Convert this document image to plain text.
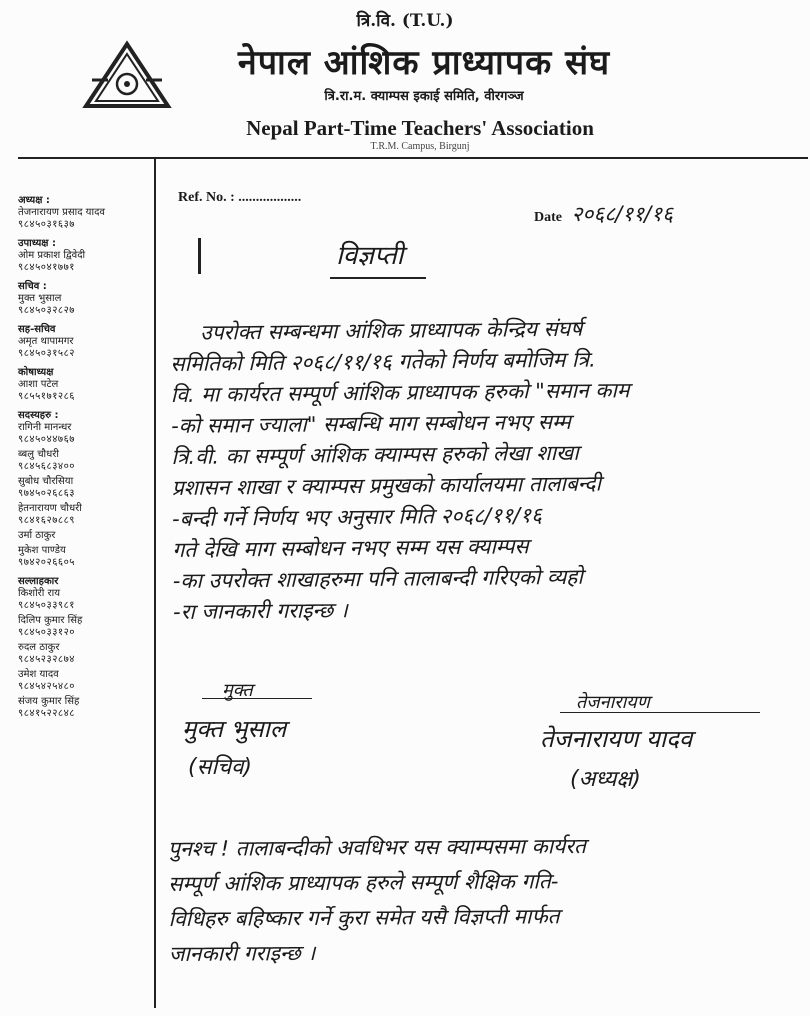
त्रि.वि. (T.U.)
नेपाल आंशिक प्राध्यापक संघ
त्रि.रा.म. क्याम्पस इकाई समिति, वीरगञ्ज
Nepal Part-Time Teachers' Association
T.R.M. Campus, Birgunj
अध्यक्ष :
तेजनारायण प्रसाद यादव
९८४५०३१६३७
उपाध्यक्ष :
ओम प्रकाश द्विवेदी
९८४५०४१७७१
सचिव :
मुक्त भुसाल
९८४५०३२८२७
सह-सचिव
अमृत थापामगर
९८४५०३१५८२
कोषाध्यक्ष
आशा पटेल
९८५५१७१२८६
सदस्यहरु :
रागिनी मानन्धर
९८४५०४४७६७
ब्बलु चौधरी
९८४५६८३४००
सुबोध चौरसिया
९७४५०२६८६३
हेतनारायण चौधरी
९८४१६२७८८९
उर्मा ठाकुर
मुकेश पाण्डेय
९७४२०२६६०५
सल्लाहकार
किशोरी राय
९८४५०३३९८१
दिलिप कुमार सिंह
९८४५०३३१२०
रुदल ठाकुर
९८४५२३२८७४
उमेश यादव
९८४५४२५४८०
संजय कुमार सिंह
९८४१५२२८४८
Ref. No. : ..................
Date २०६८/११/१६
विज्ञप्ती

उपरोक्त सम्बन्धमा आंशिक प्राध्यापक केन्द्रिय संघर्ष

समितिको मिति २०६८/११/१६ गतेको निर्णय बमोजिम त्रि.

वि. मा कार्यरत सम्पूर्ण आंशिक प्राध्यापक हरुको "समान काम

-को समान ज्याला" सम्बन्धि माग सम्बोधन नभए सम्म

त्रि.वी. का सम्पूर्ण आंशिक क्याम्पस हरुको लेखा शाखा

प्रशासन शाखा र क्याम्पस प्रमुखको कार्यालयमा तालाबन्दी

-बन्दी गर्ने निर्णय भए अनुसार मिति २०६८/११/१६

गते देखि माग सम्बोधन नभए सम्म यस क्याम्पस

-का उपरोक्त शाखाहरुमा पनि तालाबन्दी गरिएको व्यहो

-रा जानकारी गराइन्छ ।

मुक्त
मुक्त भुसाल
(सचिव)
तेजनारायण
तेजनारायण यादव
(अध्यक्ष)

पुनश्च ! तालाबन्दीको अवधिभर यस क्याम्पसमा कार्यरत

सम्पूर्ण आंशिक प्राध्यापक हरुले सम्पूर्ण शैक्षिक गति-

विधिहरु बहिष्कार गर्ने कुरा समेत यसै विज्ञप्ती मार्फत

जानकारी गराइन्छ ।
